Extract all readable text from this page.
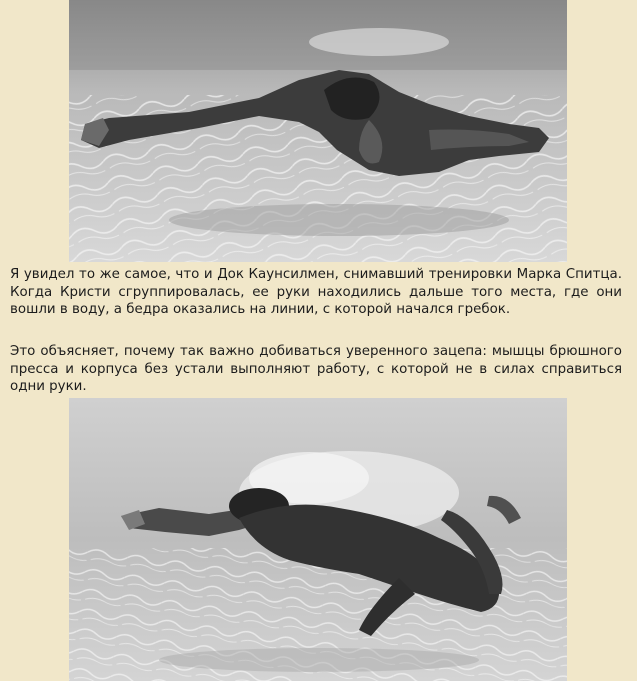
Я увидел то же самое, что и Док Каунсилмен, снимавший тренировки Марка Спитца. Когда Кристи сгруппировалась, ее руки находились дальше того места, где они вошли в воду, а бедра оказались на линии, с которой начался гребок.

Это объясняет, почему так важно добиваться уверенного зацепа: мышцы брюшного пресса и корпуса без устали выполняют работу, с которой не в силах справиться одни руки.
